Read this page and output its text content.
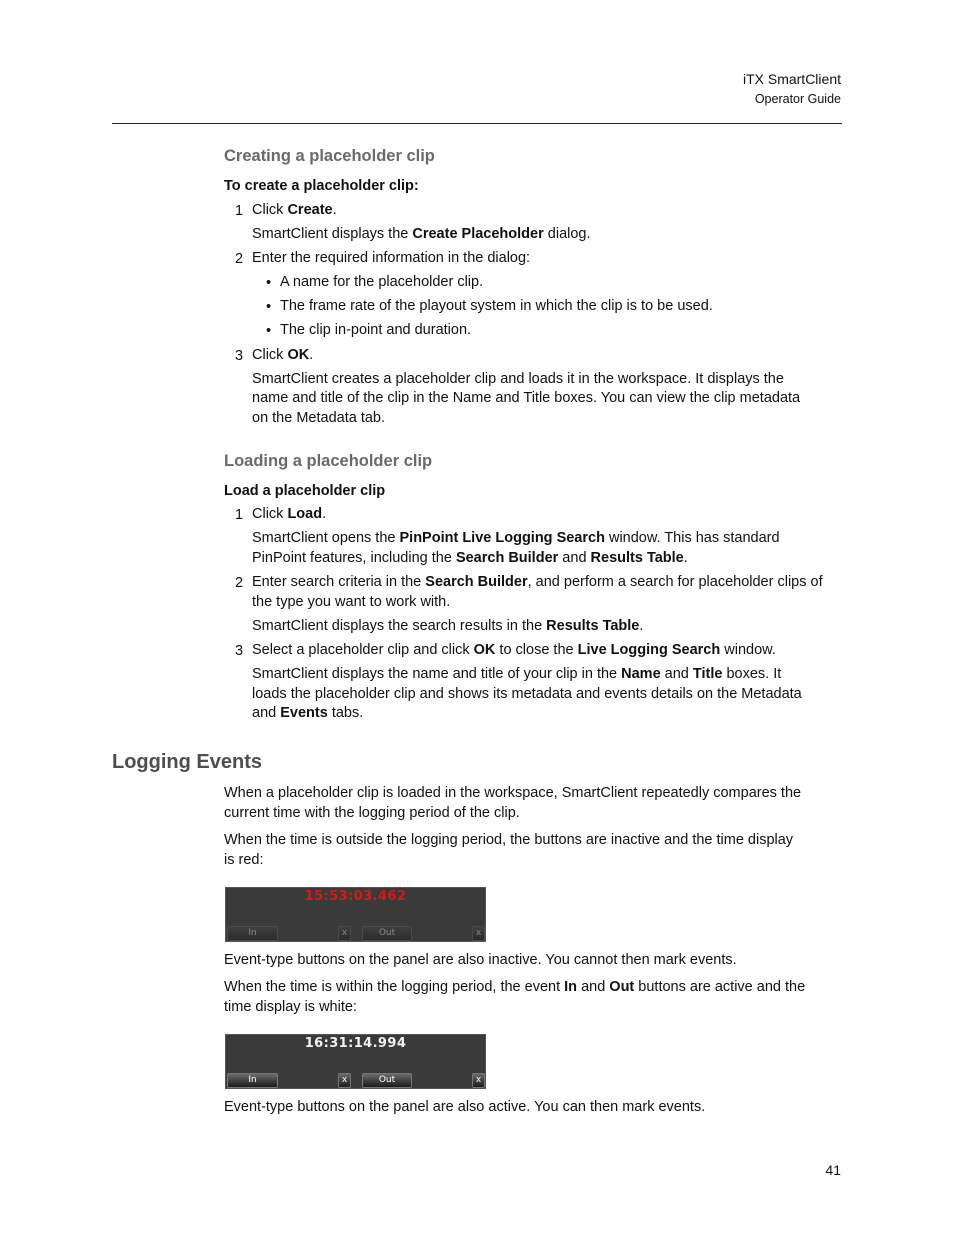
iTX SmartClient
Operator Guide
Creating a placeholder clip
To create a placeholder clip:
1 Click Create.
SmartClient displays the Create Placeholder dialog.
2 Enter the required information in the dialog:
• A name for the placeholder clip.
• The frame rate of the playout system in which the clip is to be used.
• The clip in-point and duration.
3 Click OK.
SmartClient creates a placeholder clip and loads it in the workspace. It displays the
name and title of the clip in the Name and Title boxes. You can view the clip metadata
on the Metadata tab.
Loading a placeholder clip
Load a placeholder clip
1 Click Load.
SmartClient opens the PinPoint Live Logging Search window. This has standard
PinPoint features, including the Search Builder and Results Table.
2 Enter search criteria in the Search Builder, and perform a search for placeholder clips of
the type you want to work with.
SmartClient displays the search results in the Results Table.
3 Select a placeholder clip and click OK to close the Live Logging Search window.
SmartClient displays the name and title of your clip in the Name and Title boxes. It
loads the placeholder clip and shows its metadata and events details on the Metadata
and Events tabs.
Logging Events
When a placeholder clip is loaded in the workspace, SmartClient repeatedly compares the
current time with the logging period of the clip.
When the time is outside the logging period, the buttons are inactive and the time display
is red:
15:53:03.462
In	x	Out	x
Event-type buttons on the panel are also inactive. You cannot then mark events.
When the time is within the logging period, the event In and Out buttons are active and the
time display is white:
16:31:14.994
In	x	Out	x
Event-type buttons on the panel are also active. You can then mark events.
41
